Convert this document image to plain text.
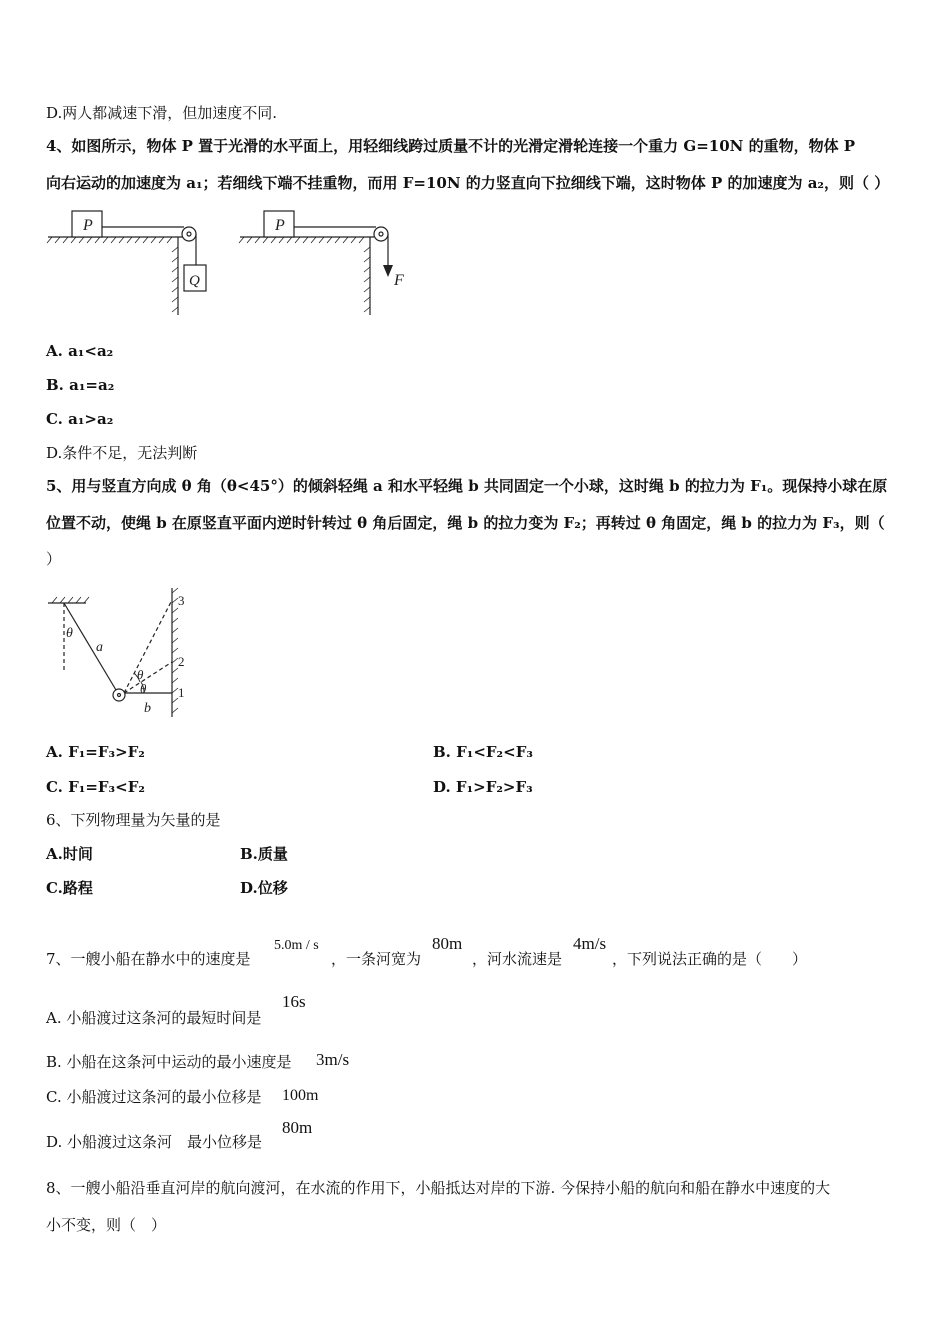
D.两人都减速下滑，但加速度不同.
4、如图所示，物体 P 置于光滑的水平面上，用轻细线跨过质量不计的光滑定滑轮连接一个重力 G=10N 的重物，物体 P
向右运动的加速度为 a₁；若细线下端不挂重物，而用 F=10N 的力竖直向下拉细线下端，这时物体 P 的加速度为 a₂，则（ ）
P
Q
P
F
A. a₁<a₂
B. a₁=a₂
C. a₁>a₂
D.条件不足，无法判断
5、用与竖直方向成 θ 角（θ<45°）的倾斜轻绳 a 和水平轻绳 b 共同固定一个小球，这时绳 b 的拉力为 F₁。现保持小球在原
位置不动，使绳 b 在原竖直平面内逆时针转过 θ 角后固定，绳 b 的拉力变为 F₂；再转过 θ 角固定，绳 b 的拉力为 F₃，则（
）
θ
a
θ
θ
b
1
2
3
A. F₁=F₃>F₂	B. F₁<F₂<F₃
C. F₁=F₃<F₂	D. F₁>F₂>F₃
6、下列物理量为矢量的是
A.时间	B.质量
C.路程	D.位移
7、一艘小船在静水中的速度是
5.0m / s
，一条河宽为
80m
，河水流速是
4m/s
，下列说法正确的是（　　）
A. 小船渡过这条河的最短时间是
16s
B. 小船在这条河中运动的最小速度是 3m/s
C. 小船渡过这条河的最小位移是 100m
D. 小船渡过这条河　最小位移是
80m
8、一艘小船沿垂直河岸的航向渡河，在水流的作用下，小船抵达对岸的下游. 今保持小船的航向和船在静水中速度的大
小不变，则（　）
